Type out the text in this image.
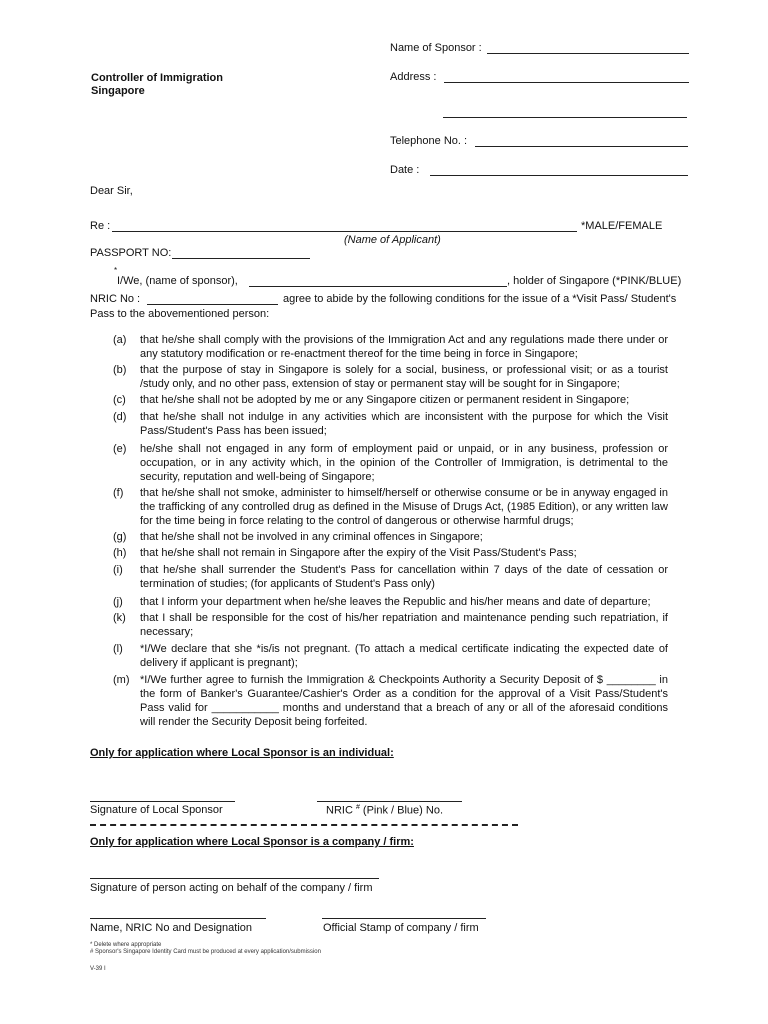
Name of Sponsor :
Address :
Telephone No. :
Date :
Controller of Immigration
Singapore
Dear Sir,
Re :	*MALE/FEMALE
(Name of Applicant)
PASSPORT NO:
*
I/We, (name of sponsor),	, holder of Singapore (*PINK/BLUE)
NRIC No :	agree to abide by the following conditions for the issue of a *Visit Pass/ Student's
Pass to the abovementioned person:
(a) that he/she shall comply with the provisions of the Immigration Act and any regulations made there under or any statutory modification or re-enactment thereof for the time being in force in Singapore;
(b) that the purpose of stay in Singapore is solely for a social, business, or professional visit; or as a tourist /study only, and no other pass, extension of stay or permanent stay will be sought for in Singapore;
(c) that he/she shall not be adopted by me or any Singapore citizen or permanent resident in Singapore;
(d) that he/she shall not indulge in any activities which are inconsistent with the purpose for which the Visit Pass/Student's Pass has been issued;
(e) he/she shall not engaged in any form of employment paid or unpaid, or in any business, profession or occupation, or in any activity which, in the opinion of the Controller of Immigration, is detrimental to the security, reputation and well-being of Singapore;
(f) that he/she shall not smoke, administer to himself/herself or otherwise consume or be in anyway engaged in the trafficking of any controlled drug as defined in the Misuse of Drugs Act, (1985 Edition), or any written law for the time being in force relating to the control of dangerous or otherwise harmful drugs;
(g) that he/she shall not be involved in any criminal offences in Singapore;
(h) that he/she shall not remain in Singapore after the expiry of the Visit Pass/Student's Pass;
(i) that he/she shall surrender the Student's Pass for cancellation within 7 days of the date of cessation or termination of studies; (for applicants of Student's Pass only)
(j) that I inform your department when he/she leaves the Republic and his/her means and date of departure;
(k) that I shall be responsible for the cost of his/her repatriation and maintenance pending such repatriation, if necessary;
(l) *I/We declare that she *is/is not pregnant. (To attach a medical certificate indicating the expected date of delivery if applicant is pregnant);
(m) *I/We further agree to furnish the Immigration & Checkpoints Authority a Security Deposit of $ ________ in the form of Banker's Guarantee/Cashier's Order as a condition for the approval of a Visit Pass/Student's Pass valid for ___________ months and understand that a breach of any or all of the aforesaid conditions will render the Security Deposit being forfeited.
Only for application where Local Sponsor is an individual:
Signature of Local Sponsor	NRIC # (Pink / Blue) No.
Only for application where Local Sponsor is a company / firm:
Signature of person acting on behalf of the company / firm
Name, NRIC No and Designation	Official Stamp of company / firm
* Delete where appropriate
# Sponsor's Singapore Identity Card must be produced at every application/submission
V-39 I
